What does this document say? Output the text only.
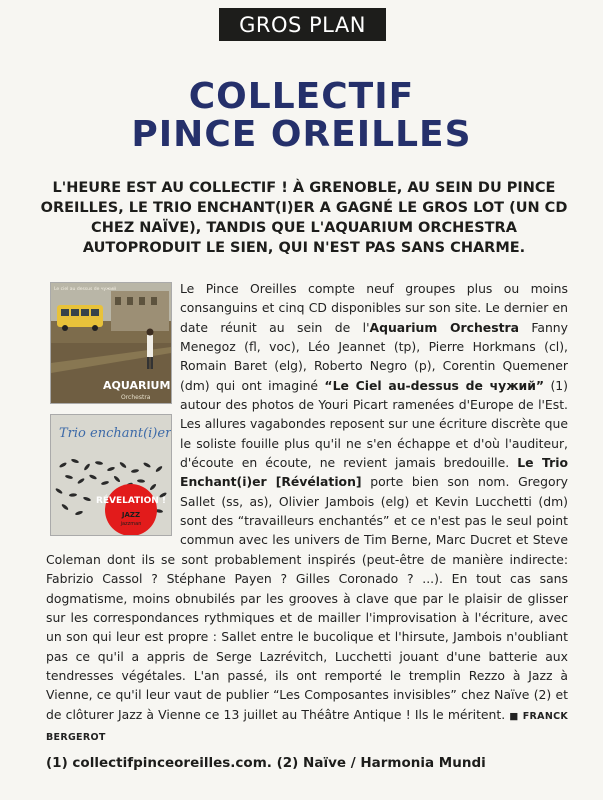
GROS PLAN
COLLECTIF
PINCE OREILLES

L'HEURE EST AU COLLECTIF ! À GRENOBLE, AU SEIN DU PINCE OREILLES, LE TRIO ENCHANT(I)ER A GAGNÉ LE GROS LOT (UN CD CHEZ NAÏVE), TANDIS QUE L'AQUARIUM ORCHESTRA AUTOPRODUIT LE SIEN, QUI N'EST PAS SANS CHARME.

Le ciel au dessus de чужий
AQUARIUM
Orchestra
Trio enchant(i)er
RÉVELATION !
JAZZ
jazzman
Le Pince Oreilles compte neuf groupes plus ou moins consanguins et cinq CD disponibles sur son site. Le dernier en date réunit au sein de l'Aquarium Orchestra Fanny Menegoz (fl, voc), Léo Jeannet (tp), Pierre Horkmans (cl), Romain Baret (elg), Roberto Negro (p), Corentin Quemener (dm) qui ont imaginé “Le Ciel au-dessus de чужий” (1) autour des photos de Youri Picart ramenées d'Europe de l'Est. Les allures vagabondes reposent sur une écriture discrète que le soliste fouille plus qu'il ne s'en échappe et d'où l'auditeur, d'écoute en écoute, ne revient jamais bredouille. Le Trio Enchant(i)er [Révélation] porte bien son nom. Gregory Sallet (ss, as), Olivier Jambois (elg) et Kevin Lucchetti (dm) sont des “travailleurs enchantés” et ce n'est pas le seul point commun avec les univers de Tim Berne, Marc Ducret et Steve Coleman dont ils se sont probablement inspirés (peut-être de manière indirecte: Fabrizio Cassol ? Stéphane Payen ? Gilles Coronado ? ...). En tout cas sans dogmatisme, moins obnubilés par les grooves à clave que par le plaisir de glisser sur les correspondances rythmiques et de mailler l'improvisation à l'écriture, avec un son qui leur est propre : Sallet entre le bucolique et l'hirsute, Jambois n'oubliant pas ce qu'il a appris de Serge Lazrévitch, Lucchetti jouant d'une batterie aux tendresses végétales. L'an passé, ils ont remporté le tremplin Rezzo à Jazz à Vienne, ce qu'il leur vaut de publier “Les Composantes invisibles” chez Naïve (2) et de clôturer Jazz à Vienne ce 13 juillet au Théâtre Antique ! Ils le méritent. ■ FRANCK BERGEROT
(1) collectifpinceoreilles.com. (2) Naïve / Harmonia Mundi
